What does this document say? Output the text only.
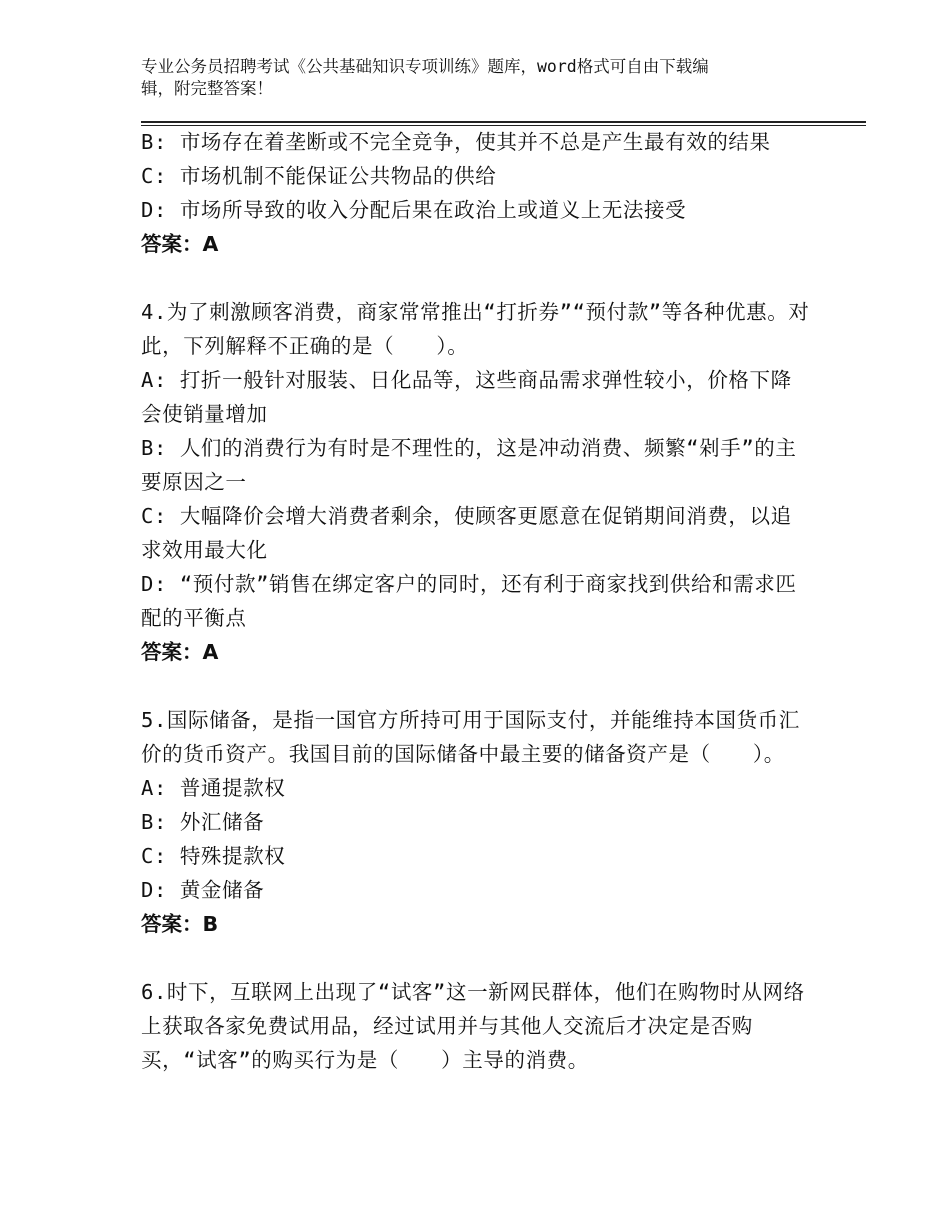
专业公务员招聘考试《公共基础知识专项训练》题库，word格式可自由下载编
辑，附完整答案！
B: 市场存在着垄断或不完全竞争，使其并不总是产生最有效的结果
C: 市场机制不能保证公共物品的供给
D: 市场所导致的收入分配后果在政治上或道义上无法接受
答案：A
4.为了刺激顾客消费，商家常常推出“打折券”“预付款”等各种优惠。对此，下列解释不正确的是（　　）。
A: 打折一般针对服装、日化品等，这些商品需求弹性较小，价格下降会使销量增加
B: 人们的消费行为有时是不理性的，这是冲动消费、频繁“剁手”的主要原因之一
C: 大幅降价会增大消费者剩余，使顾客更愿意在促销期间消费，以追求效用最大化
D: “预付款”销售在绑定客户的同时，还有利于商家找到供给和需求匹配的平衡点
答案：A
5.国际储备，是指一国官方所持可用于国际支付，并能维持本国货币汇价的货币资产。我国目前的国际储备中最主要的储备资产是（　　）。
A: 普通提款权
B: 外汇储备
C: 特殊提款权
D: 黄金储备
答案：B
6.时下，互联网上出现了“试客”这一新网民群体，他们在购物时从网络上获取各家免费试用品，经过试用并与其他人交流后才决定是否购买，“试客”的购买行为是（　　）主导的消费。
